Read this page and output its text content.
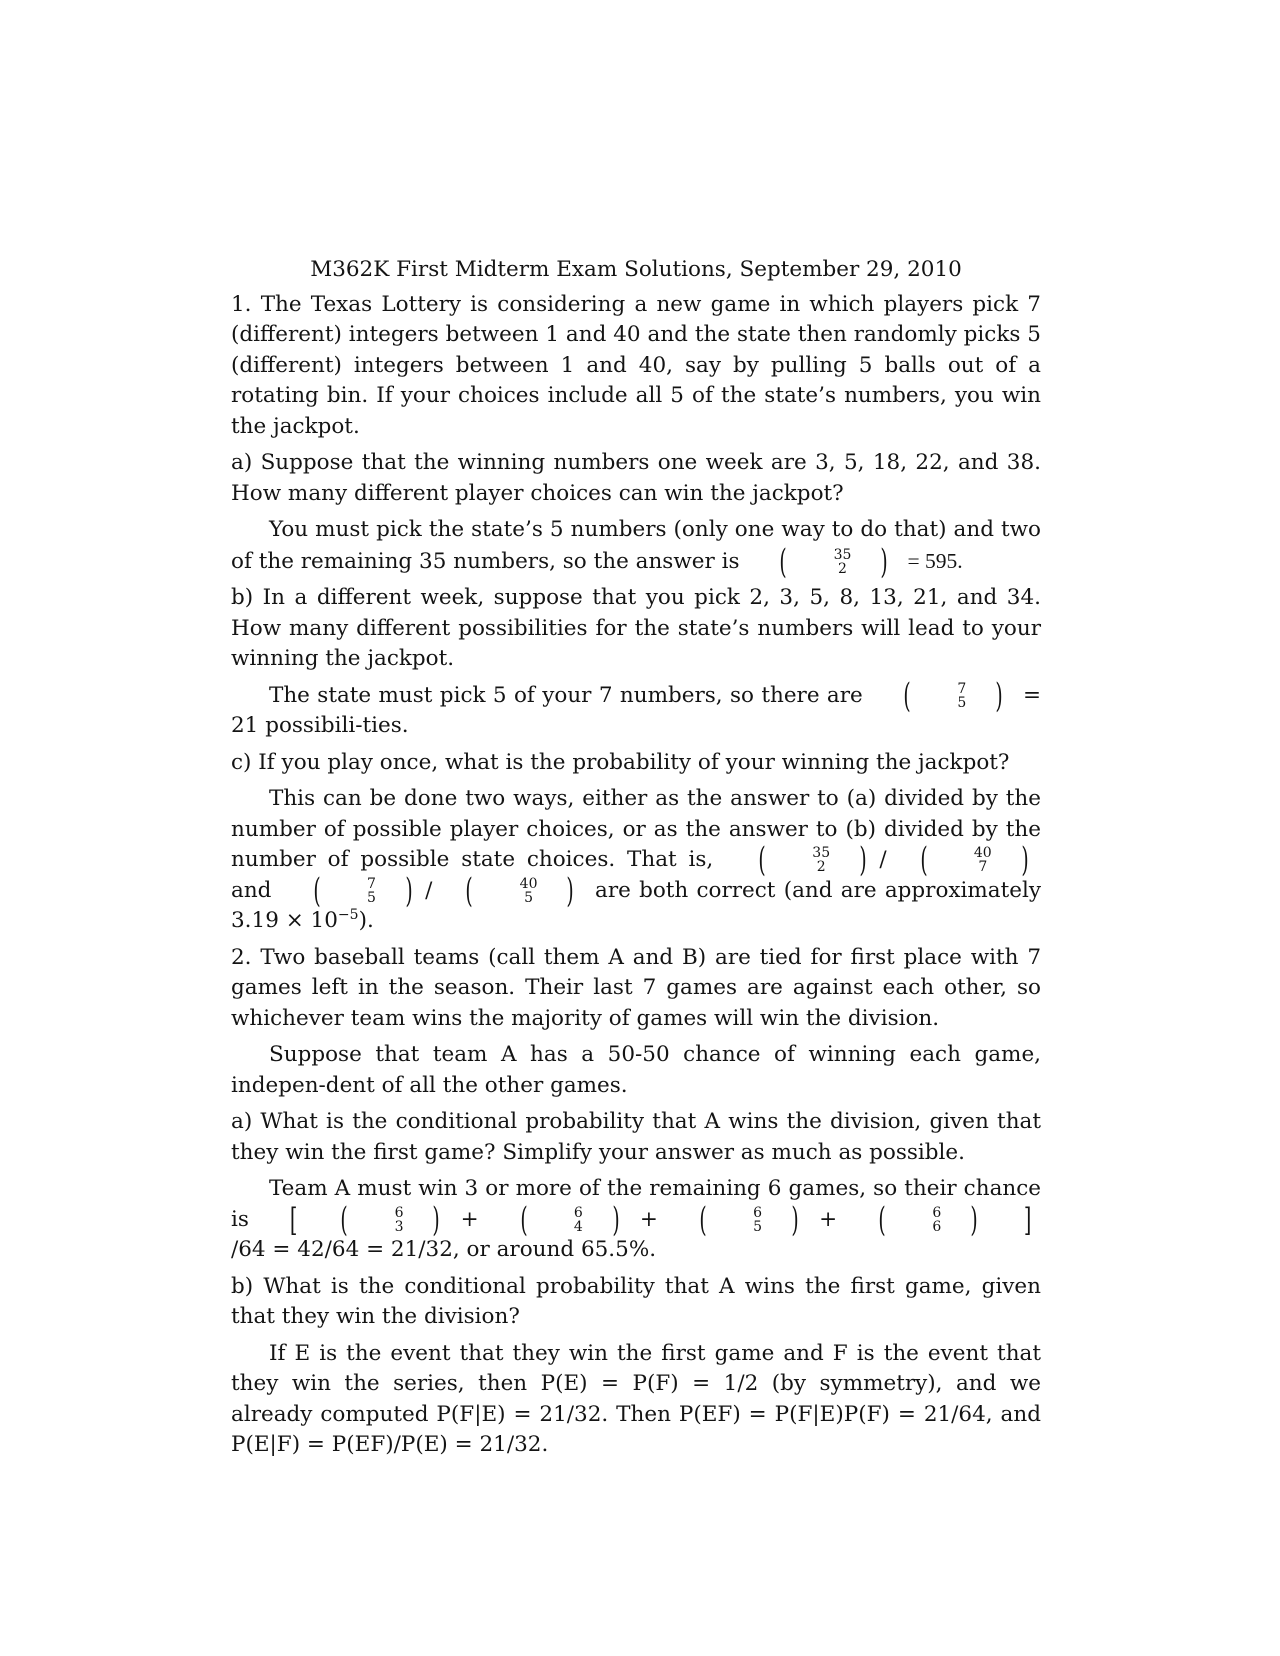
M362K First Midterm Exam Solutions, September 29, 2010

1. The Texas Lottery is considering a new game in which players pick 7 (different) integers between 1 and 40 and the state then randomly picks 5 (different) integers between 1 and 40, say by pulling 5 balls out of a rotating bin. If your choices include all 5 of the state’s numbers, you win the jackpot.

a) Suppose that the winning numbers one week are 3, 5, 18, 22, and 38. How many different player choices can win the jackpot?

You must pick the state’s 5 numbers (only one way to do that) and two of the remaining 35 numbers, so the answer is	(	35
2 ) = 595.

b) In a different week, suppose that you pick 2, 3, 5, 8, 13, 21, and 34. How many different possibilities for the state’s numbers will lead to your winning the jackpot.

The state must pick 5 of your 7 numbers, so there are	(	7
5 ) = 21 possibili-ties.

c) If you play once, what is the probability of your winning the jackpot?

This can be done two ways, either as the answer to (a) divided by the number of possible player choices, or as the answer to (b) divided by the number of possible state choices. That is,	(	35
2 ) / (	40
7 )
and	(	7
5 ) / (	40
5 ) are both correct (and are approximately $3.19 \times 10^{-5}$).

2. Two baseball teams (call them A and B) are tied for first place with 7 games left in the season. Their last 7 games are against each other, so whichever team wins the majority of games will win the division.

Suppose that team A has a 50-50 chance of winning each game, indepen-dent of all the other games.

a) What is the conditional probability that A wins the division, given that they win the first game? Simplify your answer as much as possible.

Team A must win 3 or more of the remaining 6 games, so their chance is [	(	6
3 ) + (	6
4 ) + (	6
5 ) + (	6
6 ) ] /64 = 42/64 = 21/32, or around 65.5%.

b) What is the conditional probability that A wins the first game, given that they win the division?

If E is the event that they win the first game and F is the event that they win the series, then P(E) = P(F) = 1/2 (by symmetry), and we already computed P(F|E) = 21/32. Then P(EF) = P(F|E)P(F) = 21/64, and P(E|F) = P(EF)/P(E) = 21/32.
